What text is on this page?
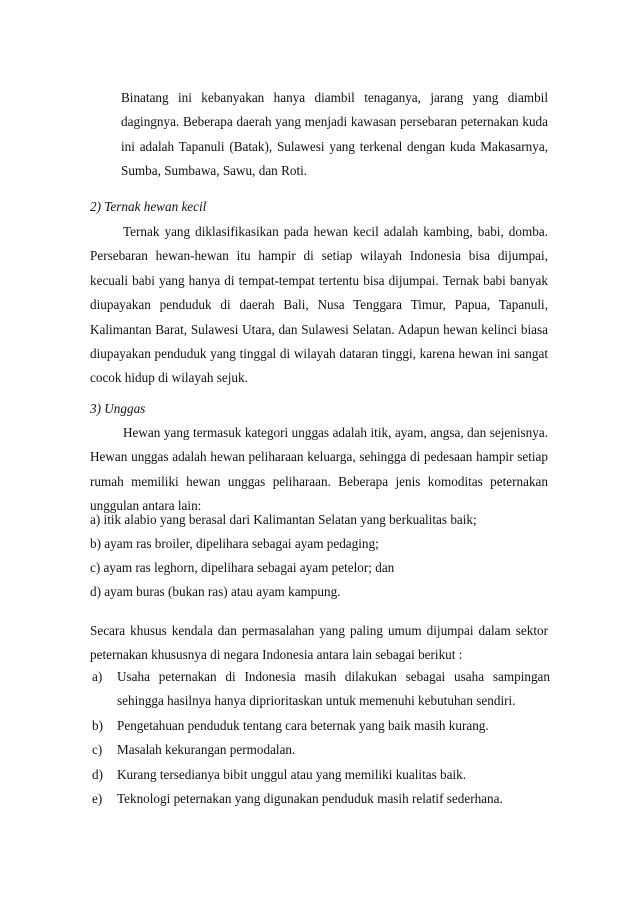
Binatang ini kebanyakan hanya diambil tenaganya, jarang yang diambil dagingnya. Beberapa daerah yang menjadi kawasan persebaran peternakan kuda ini adalah Tapanuli (Batak), Sulawesi yang terkenal dengan kuda Makasarnya, Sumba, Sumbawa, Sawu, dan Roti.

2) Ternak hewan kecil

Ternak yang diklasifikasikan pada hewan kecil adalah kambing, babi, domba. Persebaran hewan-hewan itu hampir di setiap wilayah Indonesia bisa dijumpai, kecuali babi yang hanya di tempat-tempat tertentu bisa dijumpai. Ternak babi banyak diupayakan penduduk di daerah Bali, Nusa Tenggara Timur, Papua, Tapanuli, Kalimantan Barat, Sulawesi Utara, dan Sulawesi Selatan. Adapun hewan kelinci biasa diupayakan penduduk yang tinggal di wilayah dataran tinggi, karena hewan ini sangat cocok hidup di wilayah sejuk.

3) Unggas

Hewan yang termasuk kategori unggas adalah itik, ayam, angsa, dan sejenisnya. Hewan unggas adalah hewan peliharaan keluarga, sehingga di pedesaan hampir setiap rumah memiliki hewan unggas peliharaan. Beberapa jenis komoditas peternakan unggulan antara lain:

a) itik alabio yang berasal dari Kalimantan Selatan yang berkualitas baik;

b) ayam ras broiler, dipelihara sebagai ayam pedaging;

c) ayam ras leghorn, dipelihara sebagai ayam petelor; dan

d) ayam buras (bukan ras) atau ayam kampung.

Secara khusus kendala dan permasalahan yang paling umum dijumpai dalam sektor peternakan khususnya di negara Indonesia antara lain sebagai berikut :

a) Usaha peternakan di Indonesia masih dilakukan sebagai usaha sampingan sehingga hasilnya hanya diprioritaskan untuk memenuhi kebutuhan sendiri.
b) Pengetahuan penduduk tentang cara beternak yang baik masih kurang.
c) Masalah kekurangan permodalan.
d) Kurang tersedianya bibit unggul atau yang memiliki kualitas baik.
e) Teknologi peternakan yang digunakan penduduk masih relatif sederhana.
